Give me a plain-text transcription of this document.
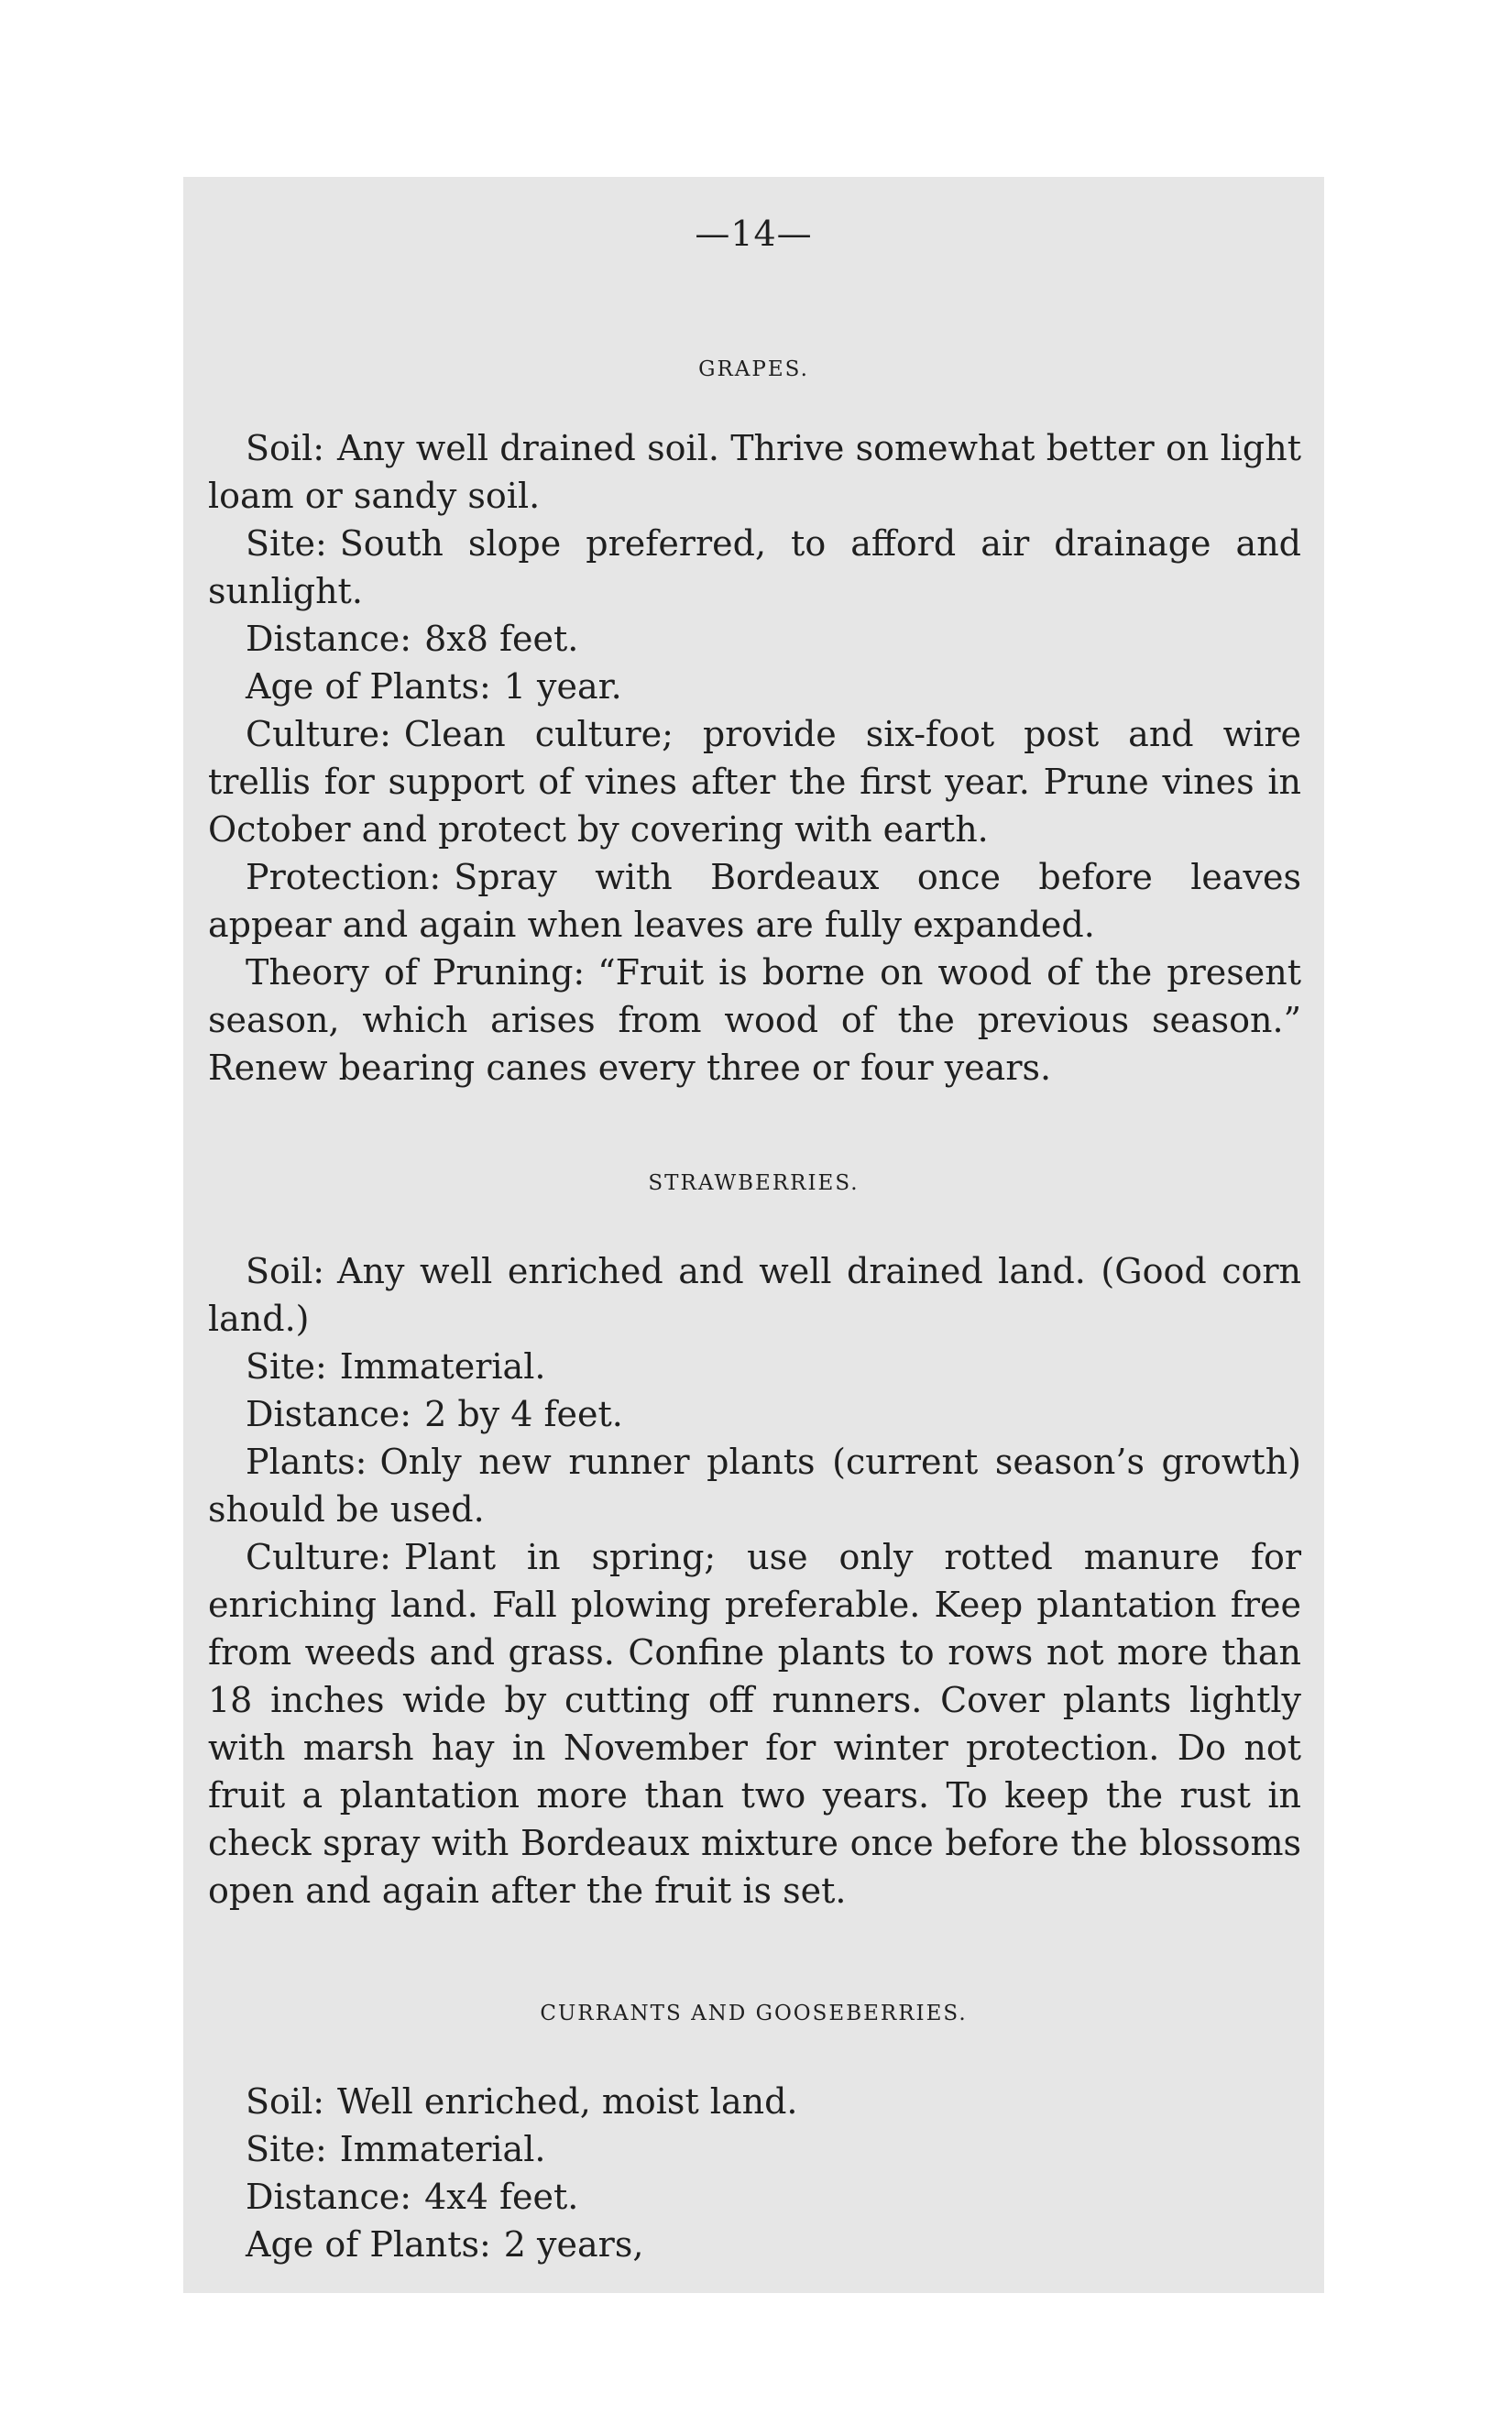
—14—
GRAPES.

Soil: Any well drained soil. Thrive somewhat better on light loam or sandy soil.

Site: South slope preferred, to afford air drainage and sunlight.

Distance: 8x8 feet.

Age of Plants: 1 year.

Culture: Clean culture; provide six-foot post and wire trellis for support of vines after the first year. Prune vines in October and protect by covering with earth.

Protection: Spray with Bordeaux once before leaves appear and again when leaves are fully expanded.

Theory of Pruning: “Fruit is borne on wood of the present season, which arises from wood of the previous season.” Renew bearing canes every three or four years.

STRAWBERRIES.

Soil: Any well enriched and well drained land. (Good corn land.)

Site: Immaterial.

Distance: 2 by 4 feet.

Plants: Only new runner plants (current season’s growth) should be used.

Culture: Plant in spring; use only rotted manure for enriching land. Fall plowing preferable. Keep plantation free from weeds and grass. Confine plants to rows not more than 18 inches wide by cutting off runners. Cover plants lightly with marsh hay in November for winter protection. Do not fruit a plantation more than two years. To keep the rust in check spray with Bordeaux mixture once before the blossoms open and again after the fruit is set.

CURRANTS AND GOOSEBERRIES.

Soil: Well enriched, moist land.

Site: Immaterial.

Distance: 4x4 feet.

Age of Plants: 2 years,
